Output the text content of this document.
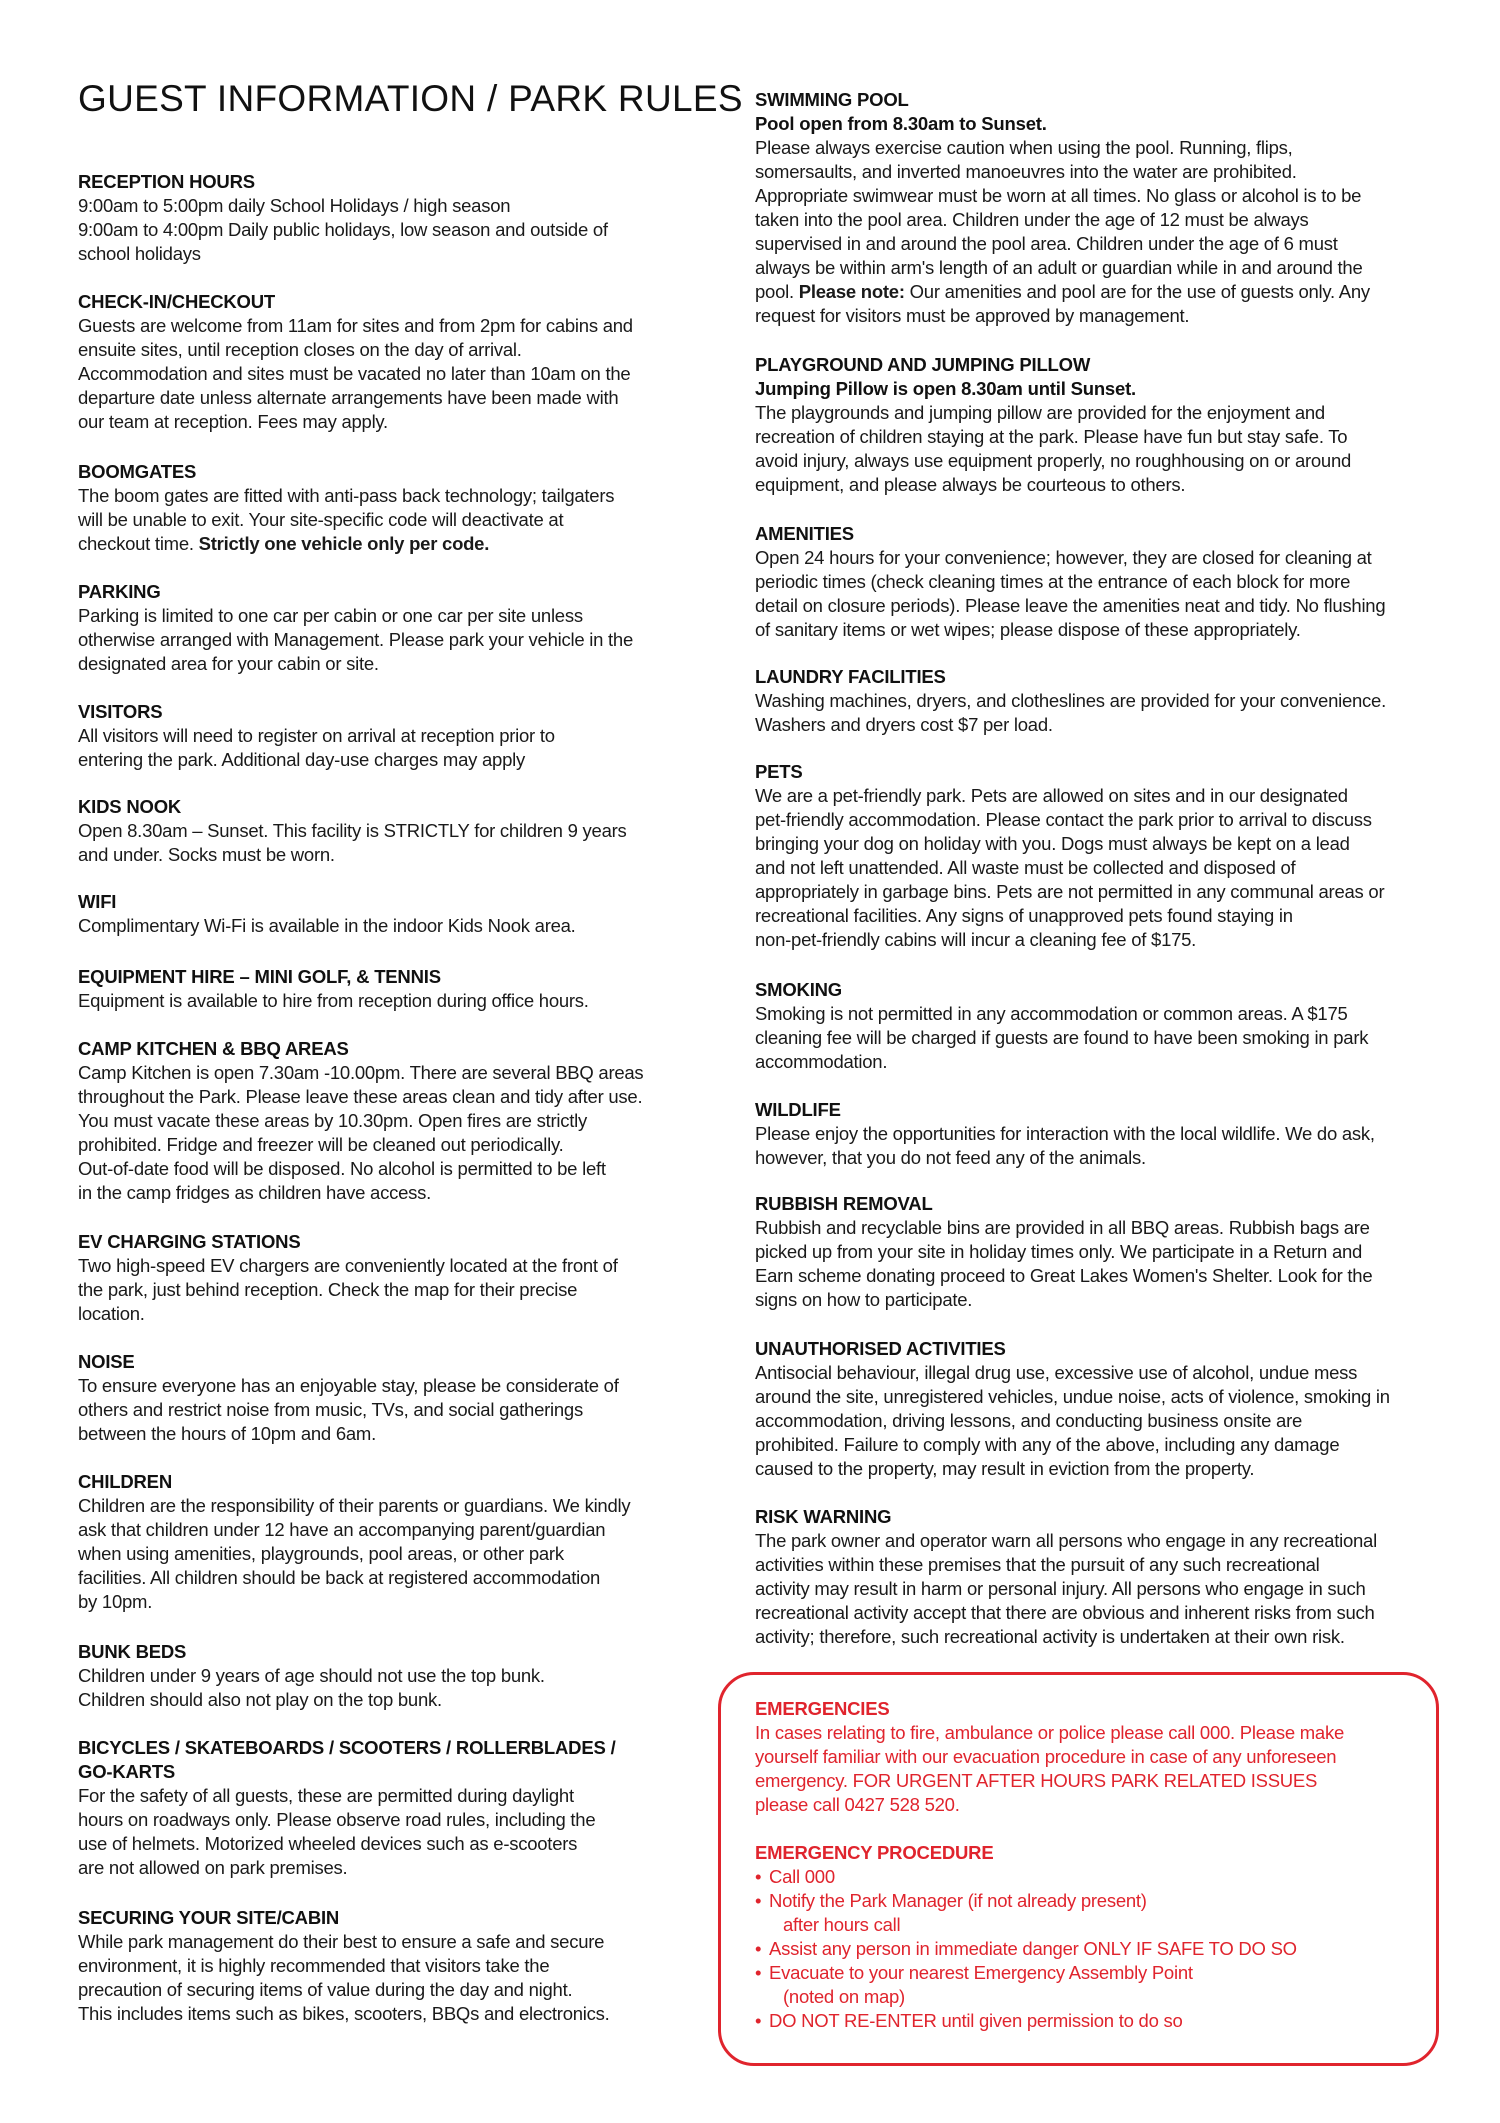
GUEST INFORMATION / PARK RULES
RECEPTION HOURS
9:00am to 5:00pm daily School Holidays / high season
9:00am to 4:00pm Daily public holidays, low season and outside of
school holidays
CHECK-IN/CHECKOUT
Guests are welcome from 11am for sites and from 2pm for cabins and
ensuite sites, until reception closes on the day of arrival.
Accommodation and sites must be vacated no later than 10am on the
departure date unless alternate arrangements have been made with
our team at reception. Fees may apply.
BOOMGATES
The boom gates are fitted with anti-pass back technology; tailgaters
will be unable to exit. Your site-specific code will deactivate at
checkout time. Strictly one vehicle only per code.
PARKING
Parking is limited to one car per cabin or one car per site unless
otherwise arranged with Management. Please park your vehicle in the
designated area for your cabin or site.
VISITORS
All visitors will need to register on arrival at reception prior to
entering the park. Additional day-use charges may apply
KIDS NOOK
Open 8.30am – Sunset. This facility is STRICTLY for children 9 years
and under. Socks must be worn.
WIFI
Complimentary Wi-Fi is available in the indoor Kids Nook area.
EQUIPMENT HIRE – MINI GOLF, & TENNIS
Equipment is available to hire from reception during office hours.
CAMP KITCHEN & BBQ AREAS
Camp Kitchen is open 7.30am -10.00pm. There are several BBQ areas
throughout the Park. Please leave these areas clean and tidy after use.
You must vacate these areas by 10.30pm. Open fires are strictly
prohibited. Fridge and freezer will be cleaned out periodically.
Out-of-date food will be disposed. No alcohol is permitted to be left
in the camp fridges as children have access.
EV CHARGING STATIONS
Two high-speed EV chargers are conveniently located at the front of
the park, just behind reception. Check the map for their precise
location.
NOISE
To ensure everyone has an enjoyable stay, please be considerate of
others and restrict noise from music, TVs, and social gatherings
between the hours of 10pm and 6am.
CHILDREN
Children are the responsibility of their parents or guardians. We kindly
ask that children under 12 have an accompanying parent/guardian
when using amenities, playgrounds, pool areas, or other park
facilities. All children should be back at registered accommodation
by 10pm.
BUNK BEDS
Children under 9 years of age should not use the top bunk.
Children should also not play on the top bunk.
BICYCLES / SKATEBOARDS / SCOOTERS / ROLLERBLADES /
GO-KARTS
For the safety of all guests, these are permitted during daylight
hours on roadways only. Please observe road rules, including the
use of helmets. Motorized wheeled devices such as e-scooters
are not allowed on park premises.
SECURING YOUR SITE/CABIN
While park management do their best to ensure a safe and secure
environment, it is highly recommended that visitors take the
precaution of securing items of value during the day and night.
This includes items such as bikes, scooters, BBQs and electronics.
SWIMMING POOL
Pool open from 8.30am to Sunset.
Please always exercise caution when using the pool. Running, flips,
somersaults, and inverted manoeuvres into the water are prohibited.
Appropriate swimwear must be worn at all times. No glass or alcohol is to be
taken into the pool area. Children under the age of 12 must be always
supervised in and around the pool area. Children under the age of 6 must
always be within arm's length of an adult or guardian while in and around the
pool. Please note: Our amenities and pool are for the use of guests only. Any
request for visitors must be approved by management.
PLAYGROUND AND JUMPING PILLOW
Jumping Pillow is open 8.30am until Sunset.
The playgrounds and jumping pillow are provided for the enjoyment and
recreation of children staying at the park. Please have fun but stay safe. To
avoid injury, always use equipment properly, no roughhousing on or around
equipment, and please always be courteous to others.
AMENITIES
Open 24 hours for your convenience; however, they are closed for cleaning at
periodic times (check cleaning times at the entrance of each block for more
detail on closure periods). Please leave the amenities neat and tidy. No flushing
of sanitary items or wet wipes; please dispose of these appropriately.
LAUNDRY FACILITIES
Washing machines, dryers, and clotheslines are provided for your convenience.
Washers and dryers cost $7 per load.
PETS
We are a pet-friendly park. Pets are allowed on sites and in our designated
pet-friendly accommodation. Please contact the park prior to arrival to discuss
bringing your dog on holiday with you. Dogs must always be kept on a lead
and not left unattended. All waste must be collected and disposed of
appropriately in garbage bins. Pets are not permitted in any communal areas or
recreational facilities. Any signs of unapproved pets found staying in
non-pet-friendly cabins will incur a cleaning fee of $175.
SMOKING
Smoking is not permitted in any accommodation or common areas. A $175
cleaning fee will be charged if guests are found to have been smoking in park
accommodation.
WILDLIFE
Please enjoy the opportunities for interaction with the local wildlife. We do ask,
however, that you do not feed any of the animals.
RUBBISH REMOVAL
Rubbish and recyclable bins are provided in all BBQ areas. Rubbish bags are
picked up from your site in holiday times only. We participate in a Return and
Earn scheme donating proceed to Great Lakes Women's Shelter. Look for the
signs on how to participate.
UNAUTHORISED ACTIVITIES
Antisocial behaviour, illegal drug use, excessive use of alcohol, undue mess
around the site, unregistered vehicles, undue noise, acts of violence, smoking in
accommodation, driving lessons, and conducting business onsite are
prohibited. Failure to comply with any of the above, including any damage
caused to the property, may result in eviction from the property.
RISK WARNING
The park owner and operator warn all persons who engage in any recreational
activities within these premises that the pursuit of any such recreational
activity may result in harm or personal injury. All persons who engage in such
recreational activity accept that there are obvious and inherent risks from such
activity; therefore, such recreational activity is undertaken at their own risk.
EMERGENCIES
In cases relating to fire, ambulance or police please call 000. Please make
yourself familiar with our evacuation procedure in case of any unforeseen
emergency. FOR URGENT AFTER HOURS PARK RELATED ISSUES
please call 0427 528 520.
EMERGENCY PROCEDURE
• Call 000
• Notify the Park Manager (if not already present)
after hours call
• Assist any person in immediate danger ONLY IF SAFE TO DO SO
• Evacuate to your nearest Emergency Assembly Point
(noted on map)
• DO NOT RE-ENTER until given permission to do so
